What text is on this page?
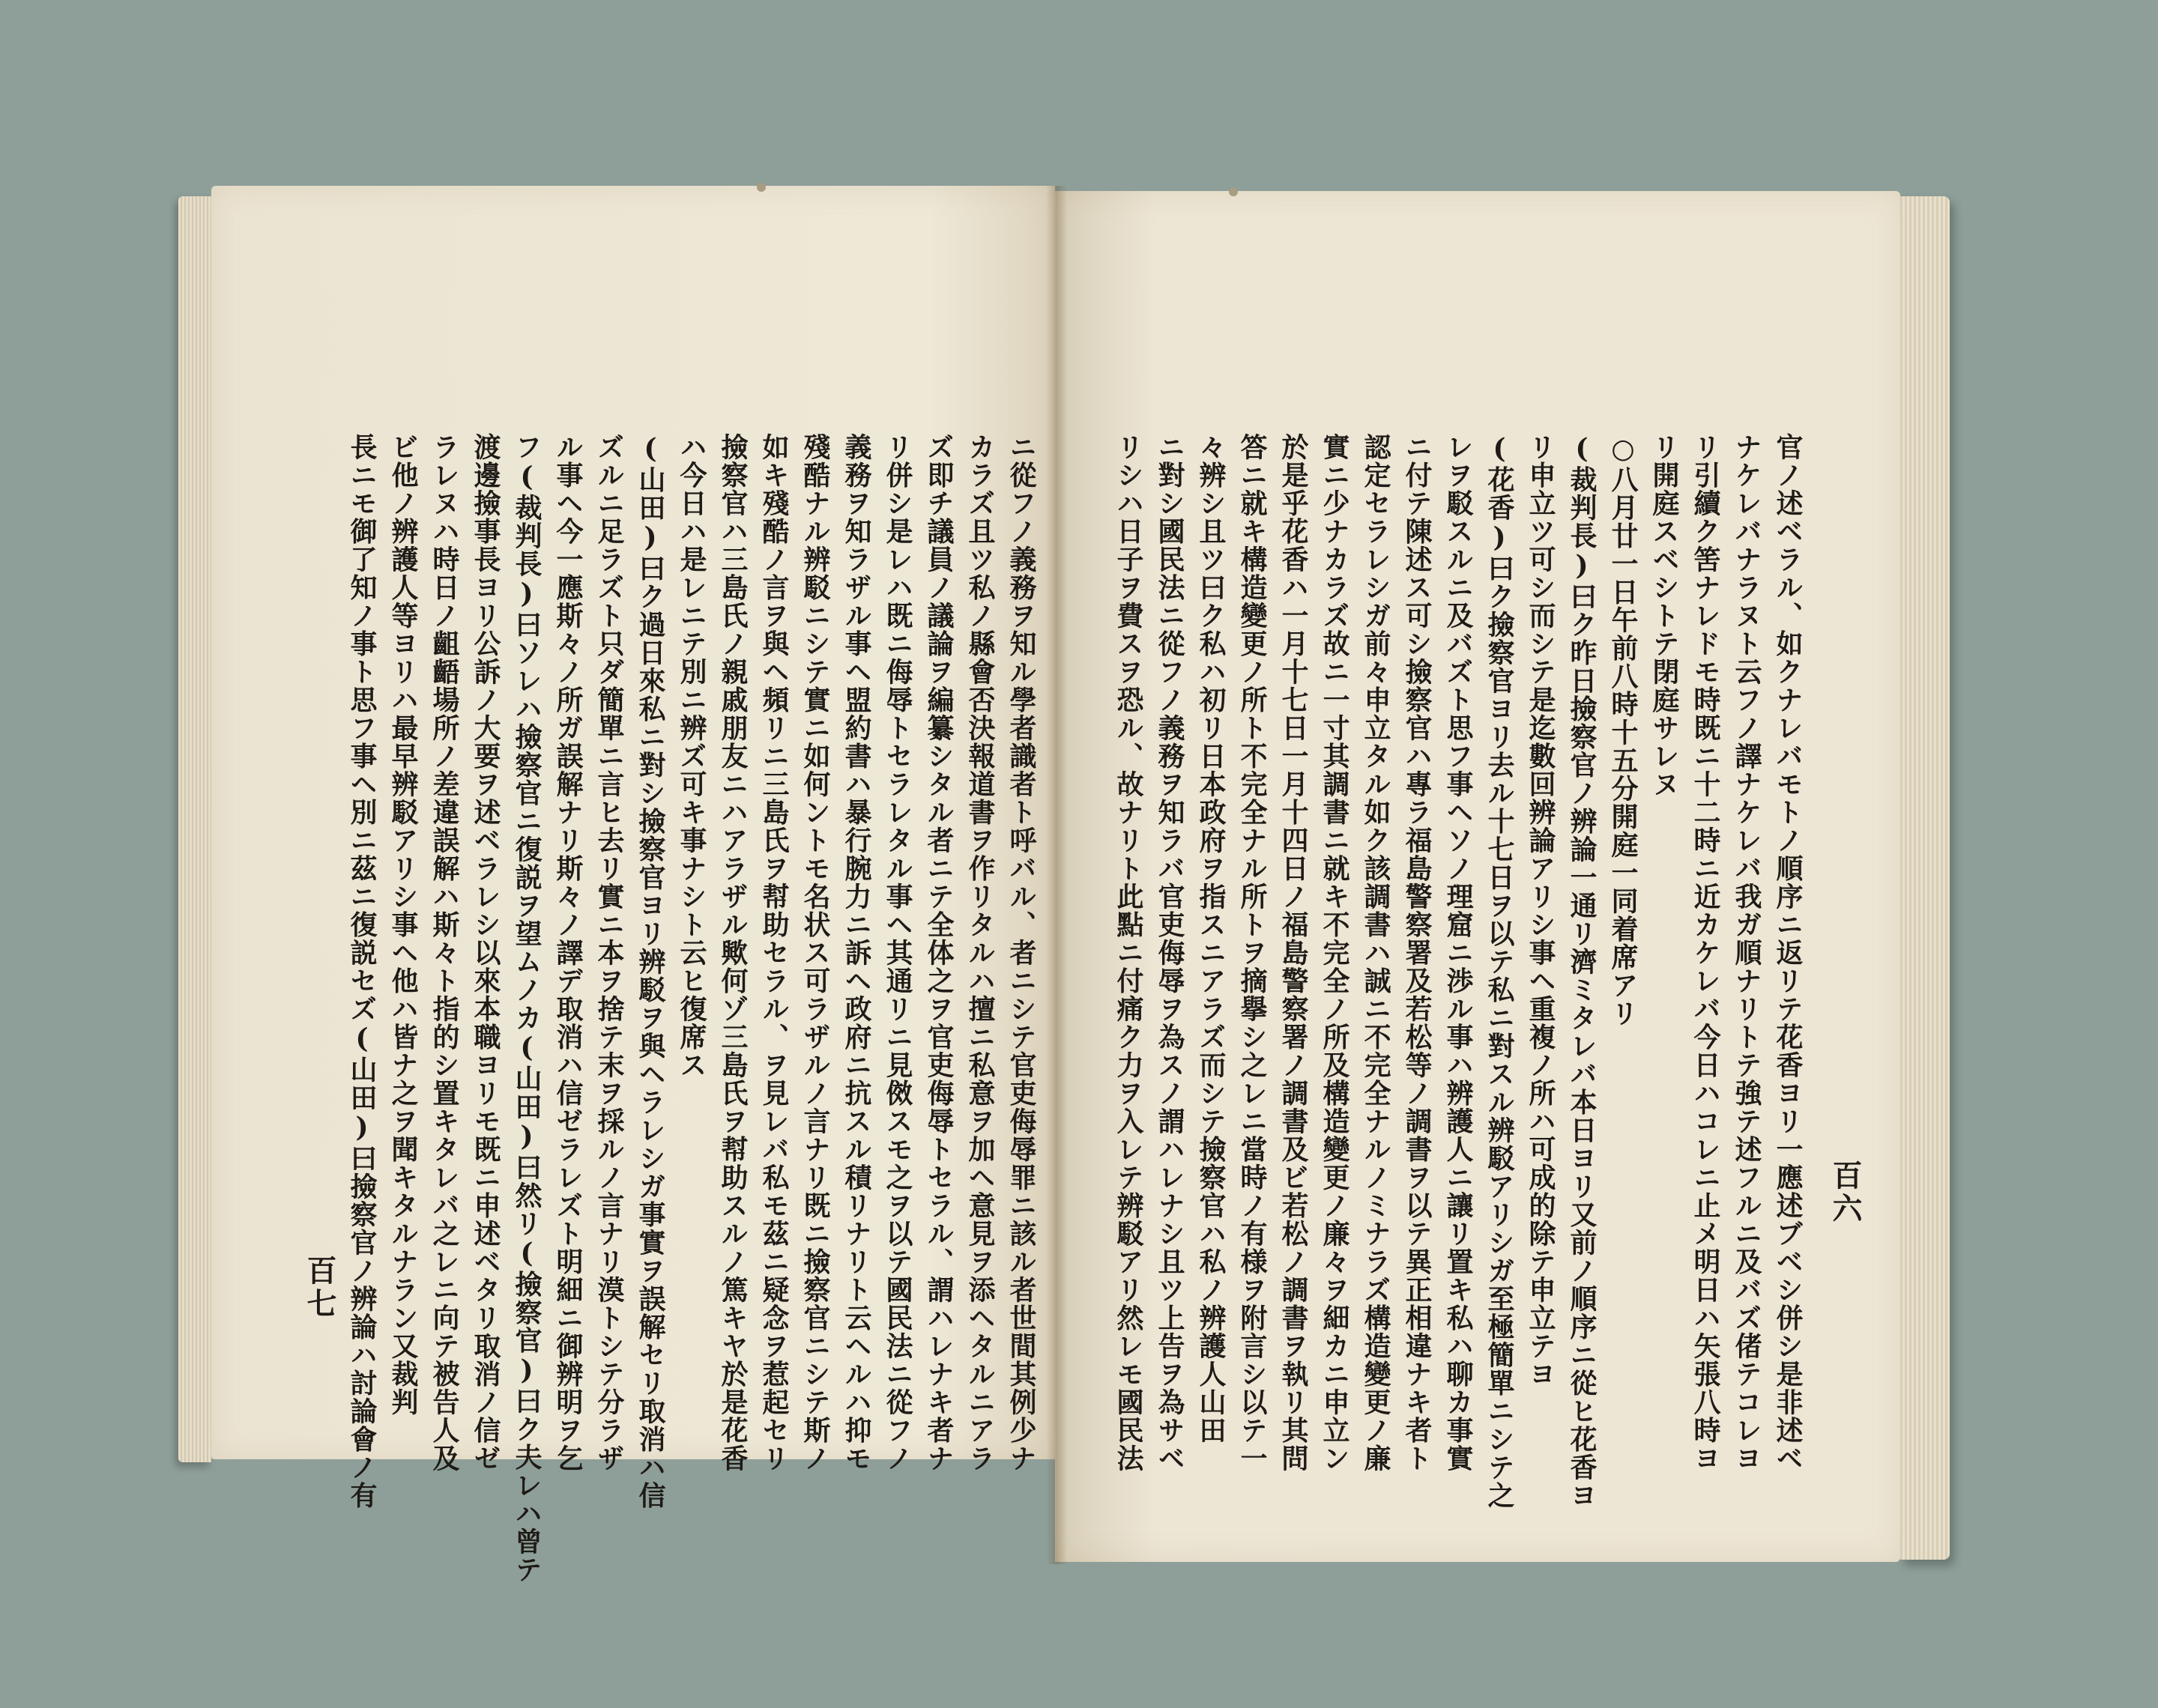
ニ從フノ義務ヲ知ル學者識者ト呼バル、者ニシテ官吏侮辱罪ニ該ル者世間其例少ナ
カラズ且ツ私ノ縣會否決報道書ヲ作リタルハ擅ニ私意ヲ加ヘ意見ヲ添ヘタルニアラ
ズ即チ議員ノ議論ヲ編纂シタル者ニテ全体之ヲ官吏侮辱トセラル、謂ハレナキ者ナ
リ併シ是レハ既ニ侮辱トセラレタル事ヘ其通リニ見傚スモ之ヲ以テ國民法ニ從フノ
義務ヲ知ラザル事ヘ盟約書ハ暴行腕力ニ訴ヘ政府ニ抗スル積リナリト云ヘルハ抑モ
殘酷ナル辨駁ニシテ實ニ如何ントモ名状ス可ラザルノ言ナリ既ニ撿察官ニシテ斯ノ
如キ殘酷ノ言ヲ與ヘ頻リニ三島氏ヲ幇助セラル、ヲ見レバ私モ茲ニ疑念ヲ惹起セリ
撿察官ハ三島氏ノ親戚朋友ニハアラザル歟何ゾ三島氏ヲ幇助スルノ篤キヤ於是花香
ハ今日ハ是レニテ別ニ辨ズ可キ事ナシト云ヒ復席ス
(山田)曰ク過日來私ニ對シ撿察官ヨリ辨駁ヲ與ヘラレシガ事實ヲ誤解セリ取消ハ信
ズルニ足ラズト只ダ簡單ニ言ヒ去リ實ニ本ヲ捨テ末ヲ採ルノ言ナリ漠トシテ分ラザ
ル事ヘ今一應斯々ノ所ガ誤解ナリ斯々ノ譯デ取消ハ信ゼラレズト明細ニ御辨明ヲ乞
フ(裁判長)曰ソレハ撿察官ニ復説ヲ望ムノカ(山田)曰然リ(撿察官)曰ク夫レハ曾テ
渡邊撿事長ヨリ公訴ノ大要ヲ述ベラレシ以來本職ヨリモ既ニ申述ベタリ取消ノ信ゼ
ラレヌハ時日ノ齟齬場所ノ差違誤解ハ斯々ト指的シ置キタレバ之レニ向テ被告人及
ビ他ノ辨護人等ヨリハ最早辨駁アリシ事ヘ他ハ皆ナ之ヲ聞キタルナラン又裁判
長ニモ御了知ノ事ト思フ事ヘ別ニ茲ニ復説セズ(山田)曰撿察官ノ辨論ハ討論會ノ有
百七	官ノ述ベラル、如クナレバモトノ順序ニ返リテ花香ヨリ一應述ブベシ併シ是非述ベ
ナケレバナラヌト云フノ譯ナケレバ我ガ順ナリトテ強テ述フルニ及バズ偖テコレヨ
リ引續ク筈ナレドモ時既ニ十二時ニ近カケレバ今日ハコレニ止メ明日ハ矢張八時ヨ
リ開庭スベシトテ閉庭サレヌ
○八月廿一日午前八時十五分開庭一同着席アリ
(裁判長)曰ク昨日撿察官ノ辨論一通リ濟ミタレバ本日ヨリ又前ノ順序ニ從ヒ花香ヨ
リ申立ツ可シ而シテ是迄數回辨論アリシ事ヘ重複ノ所ハ可成的除テ申立テヨ
(花香)曰ク撿察官ヨリ去ル十七日ヲ以テ私ニ對スル辨駁アリシガ至極簡單ニシテ之
レヲ駁スルニ及バズト思フ事ヘソノ理窟ニ渉ル事ハ辨護人ニ讓リ置キ私ハ聊カ事實
ニ付テ陳述ス可シ撿察官ハ專ラ福島警察署及若松等ノ調書ヲ以テ異正相違ナキ者ト
認定セラレシガ前々申立タル如ク該調書ハ誠ニ不完全ナルノミナラズ構造變更ノ廉
實ニ少ナカラズ故ニ一寸其調書ニ就キ不完全ノ所及構造變更ノ廉々ヲ細カニ申立ン
於是乎花香ハ一月十七日一月十四日ノ福島警察署ノ調書及ビ若松ノ調書ヲ執リ其問
答ニ就キ構造變更ノ所ト不完全ナル所トヲ摘擧シ之レニ當時ノ有様ヲ附言シ以テ一
々辨シ且ツ曰ク私ハ初リ日本政府ヲ指スニアラズ而シテ撿察官ハ私ノ辨護人山田
ニ對シ國民法ニ從フノ義務ヲ知ラバ官吏侮辱ヲ為スノ謂ハレナシ且ツ上告ヲ為サベ
リシハ日子ヲ費スヲ恐ル、故ナリト此點ニ付痛ク力ヲ入レテ辨駁アリ然レモ國民法	百六
